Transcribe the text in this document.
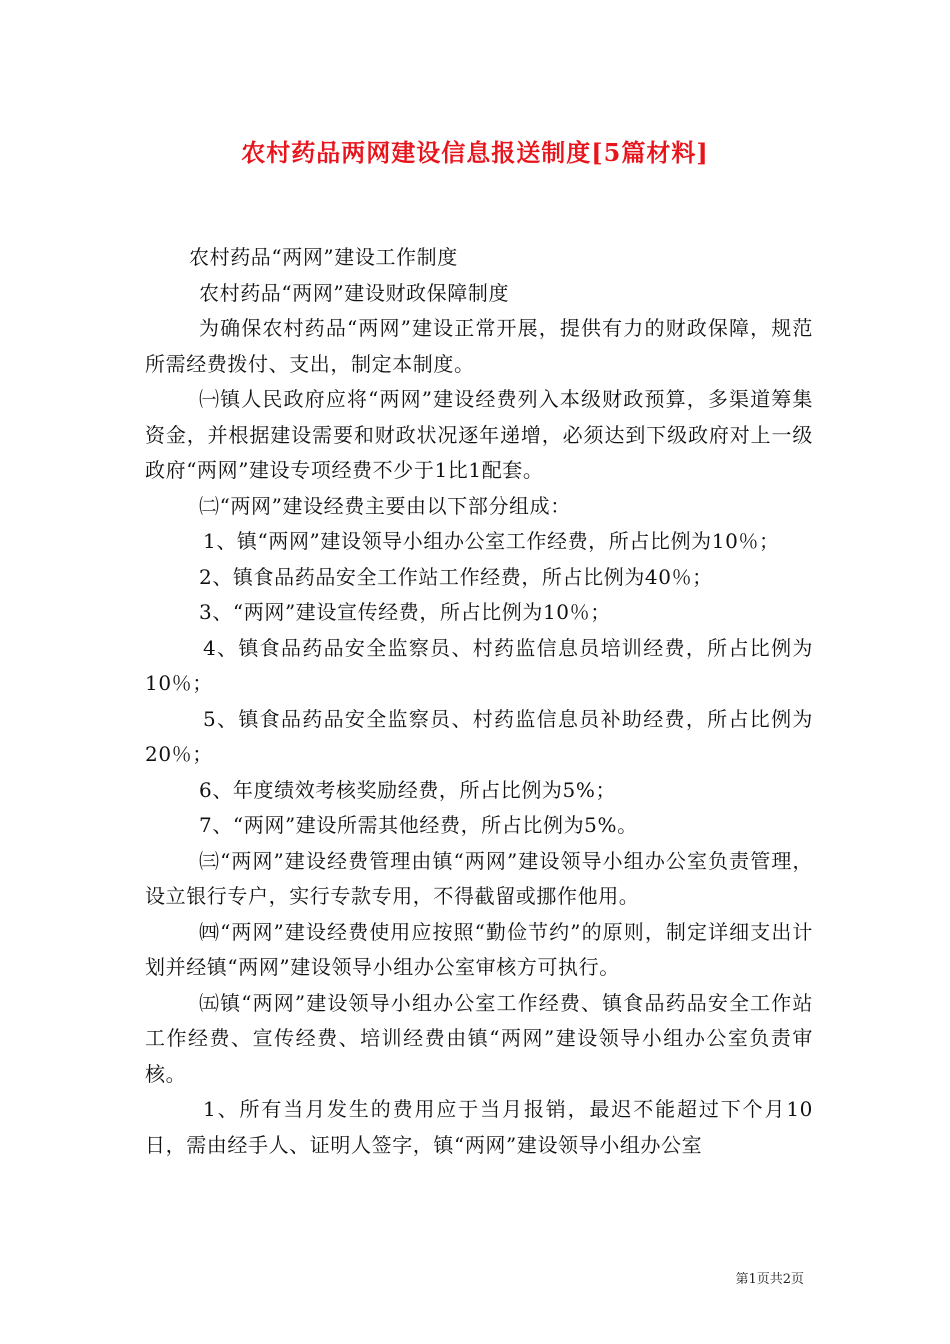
农村药品两网建设信息报送制度[5篇材料]

农村药品“两网”建设工作制度

农村药品“两网”建设财政保障制度

为确保农村药品“两网”建设正常开展，提供有力的财政保障，规范所需经费拨付、支出，制定本制度。

㈠镇人民政府应将“两网”建设经费列入本级财政预算，多渠道筹集资金，并根据建设需要和财政状况逐年递增，必须达到下级政府对上一级政府“两网”建设专项经费不少于1比1配套。

㈡“两网”建设经费主要由以下部分组成：

1、镇“两网”建设领导小组办公室工作经费，所占比例为10％；

2、镇食品药品安全工作站工作经费，所占比例为40％；

3、“两网”建设宣传经费，所占比例为10％；

4、镇食品药品安全监察员、村药监信息员培训经费，所占比例为10％；

5、镇食品药品安全监察员、村药监信息员补助经费，所占比例为20％；

6、年度绩效考核奖励经费，所占比例为5%；

7、“两网”建设所需其他经费，所占比例为5%。

㈢“两网”建设经费管理由镇“两网”建设领导小组办公室负责管理，设立银行专户，实行专款专用，不得截留或挪作他用。

㈣“两网”建设经费使用应按照“勤俭节约”的原则，制定详细支出计划并经镇“两网”建设领导小组办公室审核方可执行。

㈤镇“两网”建设领导小组办公室工作经费、镇食品药品安全工作站工作经费、宣传经费、培训经费由镇“两网”建设领导小组办公室负责审核。

1、所有当月发生的费用应于当月报销，最迟不能超过下个月10日，需由经手人、证明人签字，镇“两网”建设领导小组办公室

第1页共2页
